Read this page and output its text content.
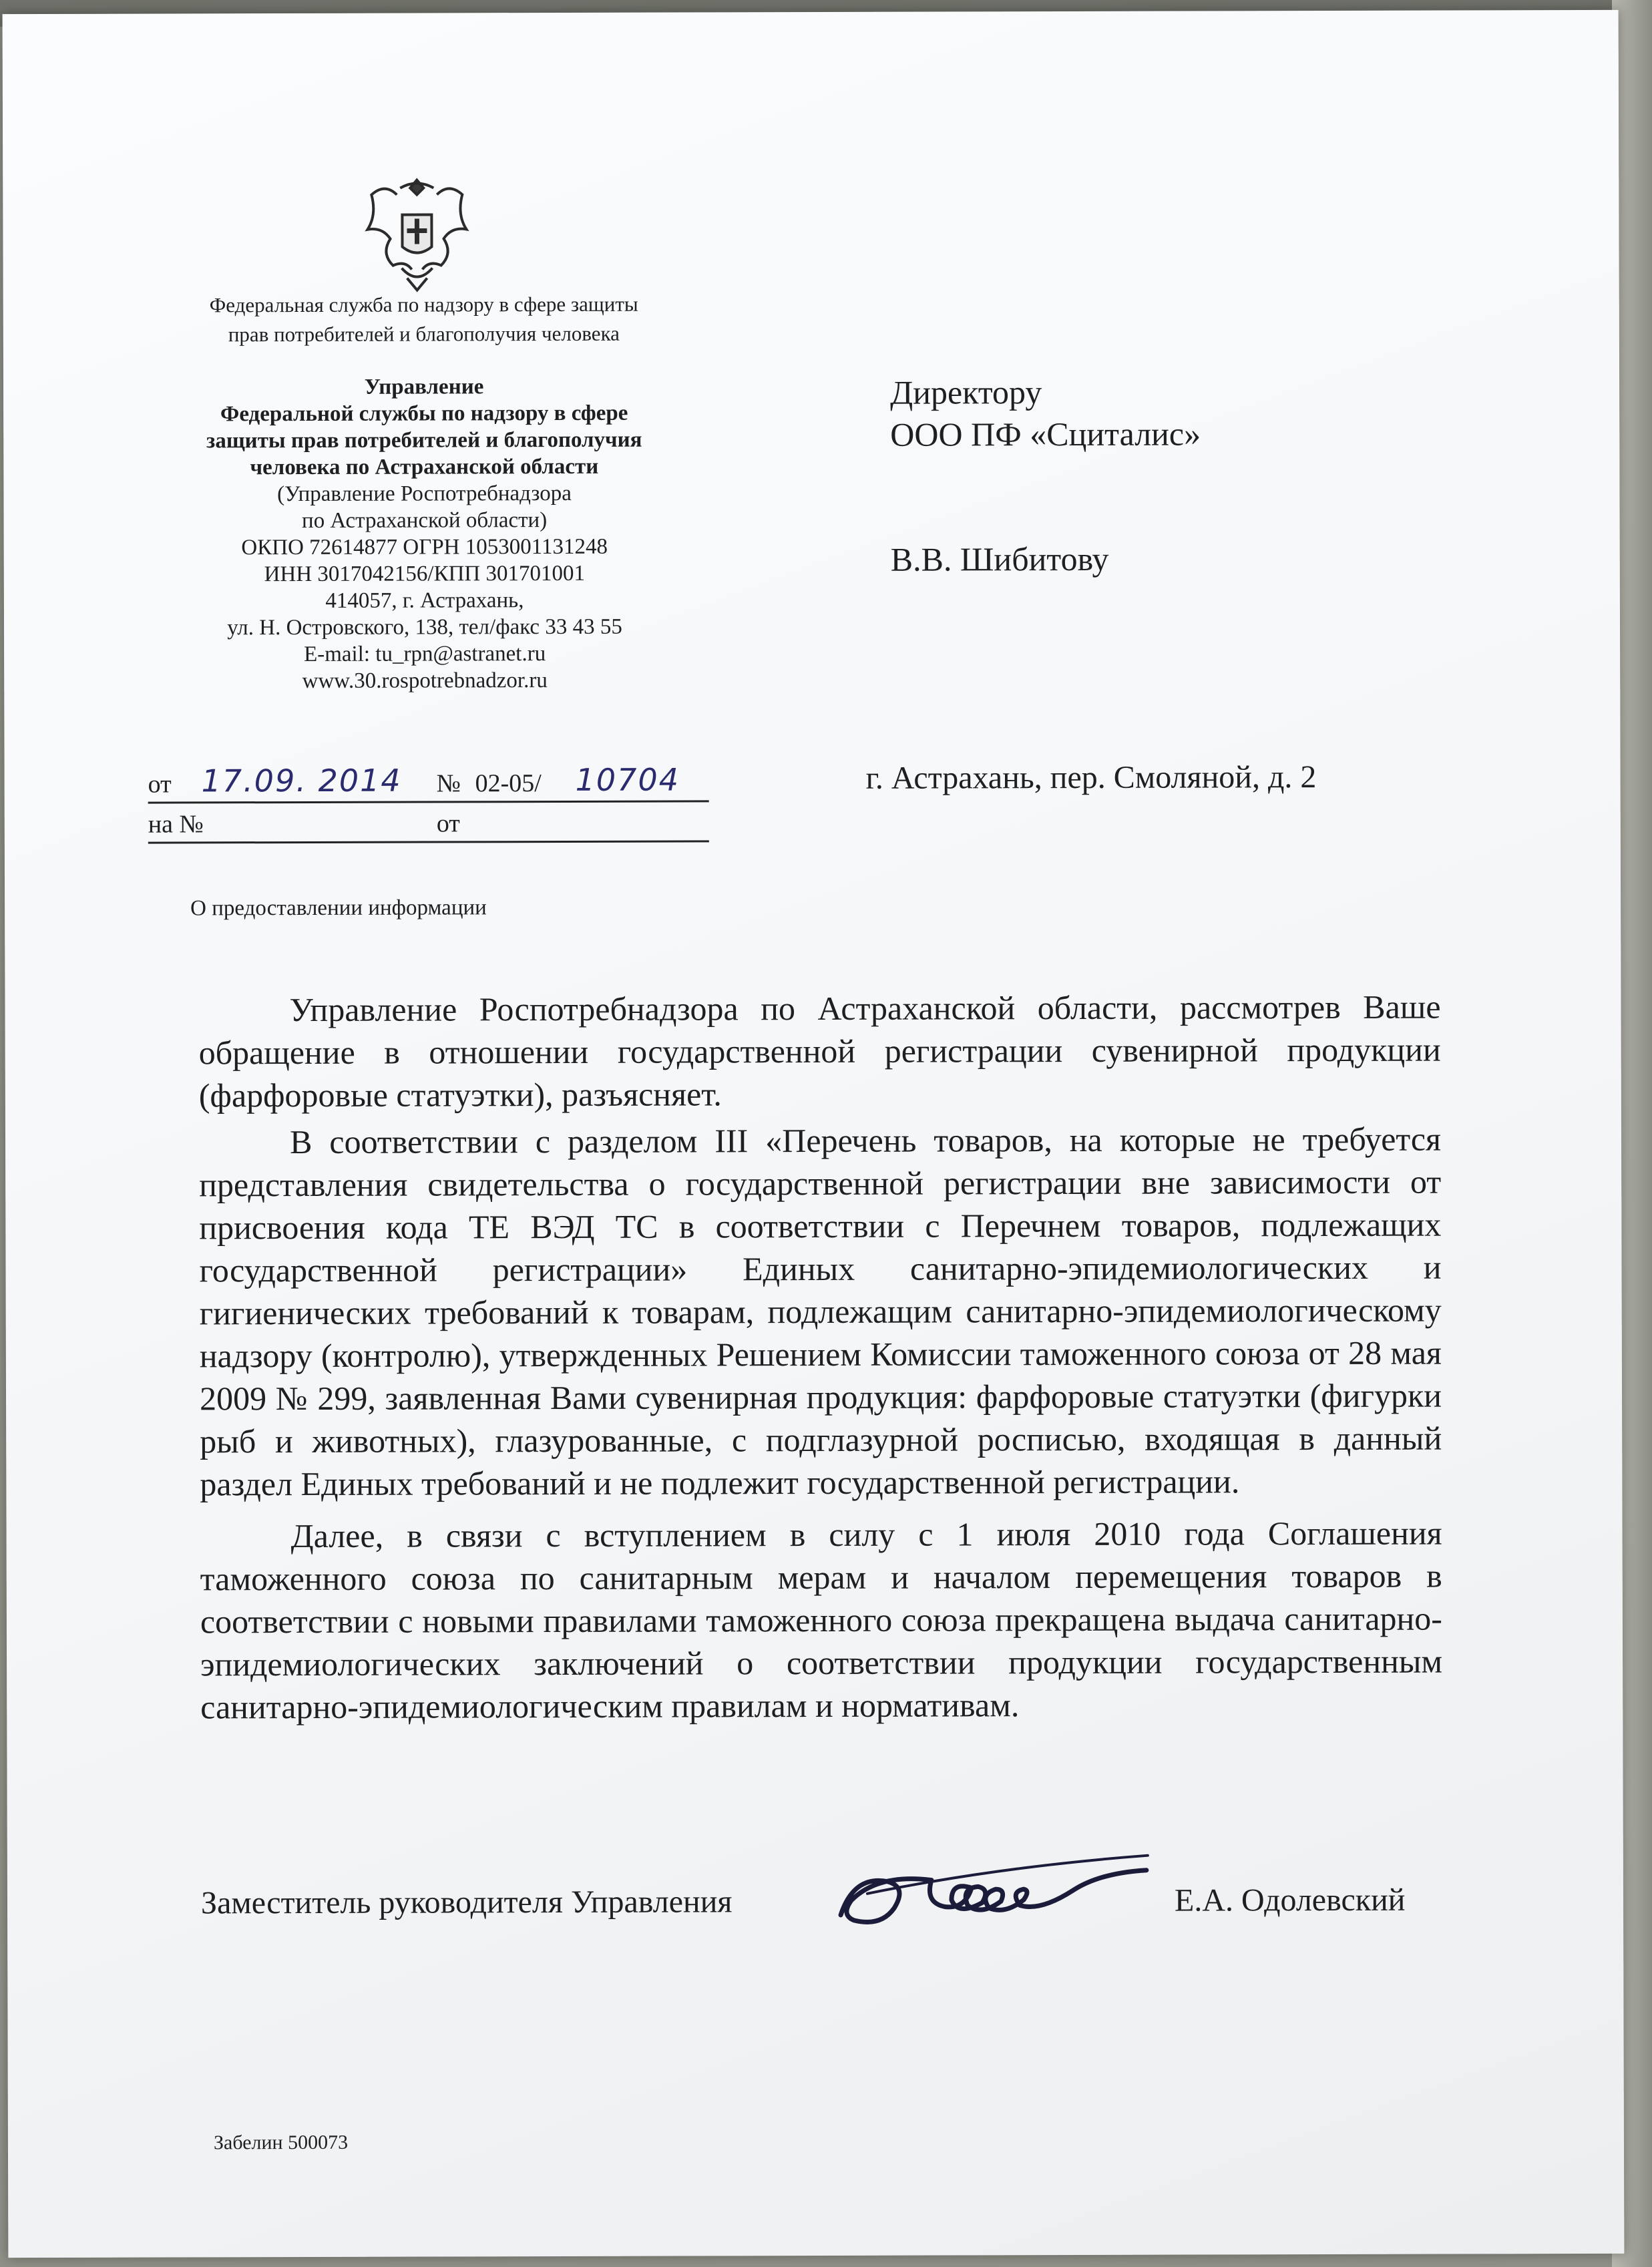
Федеральная служба по надзору в сфере защиты
прав потребителей и благополучия человека
Управление
Федеральной службы по надзору в сфере
защиты прав потребителей и благополучия
человека по Астраханской области
(Управление Роспотребнадзора
по Астраханской области)
ОКПО 72614877 ОГРН 1053001131248
ИНН 3017042156/КПП 301701001
414057, г. Астрахань,
ул. Н. Островского, 138, тел/факс 33 43 55
E-mail: tu_rpn@astranet.ru
www.30.rospotrebnadzor.ru
Директору
ООО ПФ «Сциталис»
В.В. Шибитову
от 17.09. 2014 № 02-05/ 10704
на №	от
г. Астрахань, пер. Смоляной, д. 2
О предоставлении информации

Управление Роспотребнадзора по Астраханской области, рассмотрев Ваше обращение в отношении государственной регистрации сувенирной продукции (фарфоровые статуэтки), разъясняет.

В соответствии с разделом III «Перечень товаров, на которые не требуется представления свидетельства о государственной регистрации вне зависимости от присвоения кода ТЕ ВЭД ТС в соответствии с Перечнем товаров, подлежащих государственной регистрации» Единых санитарно-эпидемиологических и гигиенических требований к товарам, подлежащим санитарно-эпидемиологическому надзору (контролю), утвержденных Решением Комиссии таможенного союза от 28 мая 2009 № 299, заявленная Вами сувенирная продукция: фарфоровые статуэтки (фигурки рыб и животных), глазурованные, с подглазурной росписью, входящая в данный раздел Единых требований и не подлежит государственной регистрации.

Далее, в связи с вступлением в силу с 1 июля 2010 года Соглашения таможенного союза по санитарным мерам и началом перемещения товаров в соответствии с новыми правилами таможенного союза прекращена выдача санитарно-эпидемиологических заключений о соответствии продукции государственным санитарно-эпидемиологическим правилам и нормативам.

Заместитель руководителя Управления	Е.А. Одолевский
Забелин 500073
